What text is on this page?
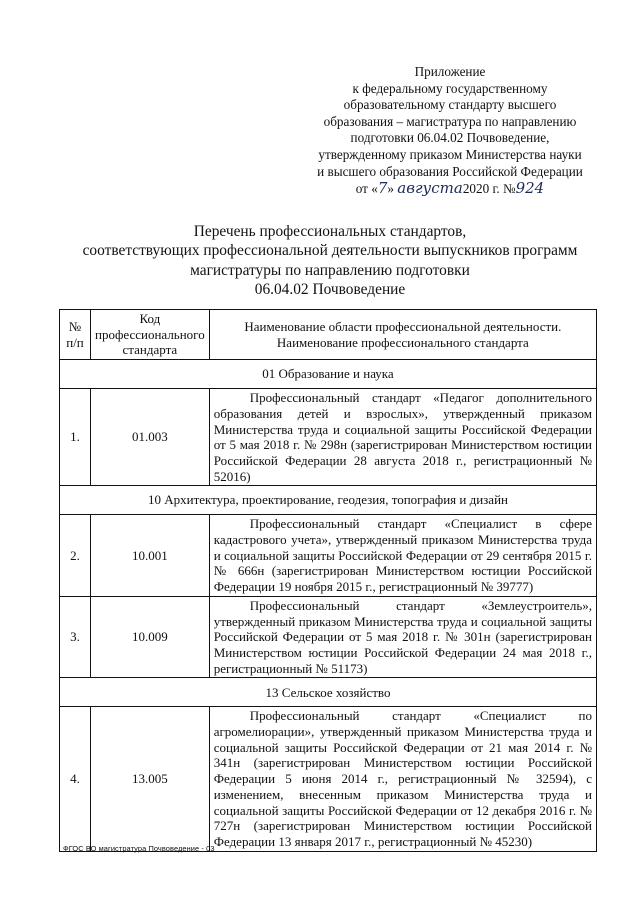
Приложение
к федеральному государственному
образовательному стандарту высшего
образования – магистратура по направлению
подготовки 06.04.02 Почвоведение,
утвержденному приказом Министерства науки
и высшего образования Российской Федерации
от «7» августа2020 г. №924
Перечень профессиональных стандартов,
соответствующих профессиональной деятельности выпускников программ
магистратуры по направлению подготовки
06.04.02 Почвоведение
№ п/п	Код профессионального стандарта	Наименование области профессиональной деятельности. Наименование профессионального стандарта
01 Образование и наука		
1.	01.003	Профессиональный стандарт «Педагог дополнительного образования детей и взрослых», утвержденный приказом Министерства труда и социальной защиты Российской Федерации от 5 мая 2018 г. № 298н (зарегистрирован Министерством юстиции Российской Федерации 28 августа 2018 г., регистрационный № 52016)

10 Архитектура, проектирование, геодезия, топография и дизайн		
2.	10.001	Профессиональный стандарт «Специалист в сфере кадастрового учета», утвержденный приказом Министерства труда и социальной защиты Российской Федерации от 29 сентября 2015 г. № 666н (зарегистрирован Министерством юстиции Российской Федерации 19 ноября 2015 г., регистрационный № 39777)

3.	10.009	Профессиональный стандарт «Землеустроитель», утвержденный приказом Министерства труда и социальной защиты Российской Федерации от 5 мая 2018 г. № 301н (зарегистрирован Министерством юстиции Российской Федерации 24 мая 2018 г., регистрационный № 51173)

13 Сельское хозяйство		
4.	13.005	Профессиональный стандарт «Специалист по агромелиорации», утвержденный приказом Министерства труда и социальной защиты Российской Федерации от 21 мая 2014 г. № 341н (зарегистрирован Министерством юстиции Российской Федерации 5 июня 2014 г., регистрационный № 32594), с изменением, внесенным приказом Министерства труда и социальной защиты Российской Федерации от 12 декабря 2016 г. № 727н (зарегистрирован Министерством юстиции Российской Федерации 13 января 2017 г., регистрационный № 45230)

ФГОС ВО магистратура Почвоведение - 03
